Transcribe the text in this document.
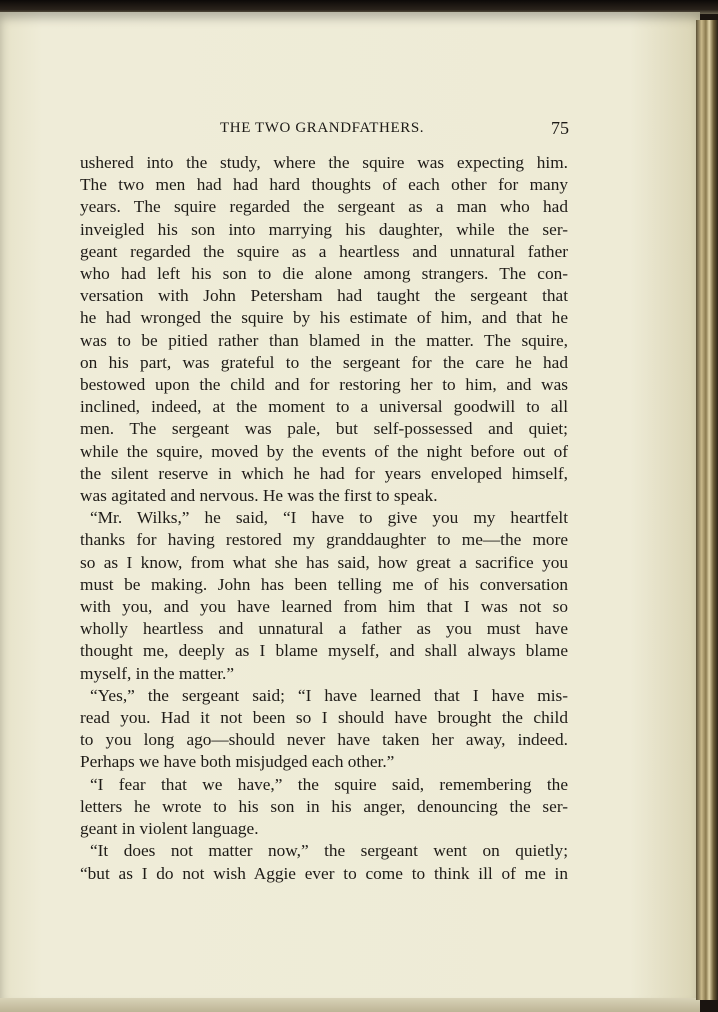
THE TWO GRANDFATHERS.	75
ushered into the study, where the squire was expecting him.
The two men had had hard thoughts of each other for many
years. The squire regarded the sergeant as a man who had
inveigled his son into marrying his daughter, while the ser-
geant regarded the squire as a heartless and unnatural father
who had left his son to die alone among strangers. The con-
versation with John Petersham had taught the sergeant that
he had wronged the squire by his estimate of him, and that he
was to be pitied rather than blamed in the matter. The squire,
on his part, was grateful to the sergeant for the care he had
bestowed upon the child and for restoring her to him, and was
inclined, indeed, at the moment to a universal goodwill to all
men. The sergeant was pale, but self-possessed and quiet;
while the squire, moved by the events of the night before out of
the silent reserve in which he had for years enveloped himself,
was agitated and nervous. He was the first to speak.
“Mr. Wilks,” he said, “I have to give you my heartfelt
thanks for having restored my granddaughter to me—the more
so as I know, from what she has said, how great a sacrifice you
must be making. John has been telling me of his conversation
with you, and you have learned from him that I was not so
wholly heartless and unnatural a father as you must have
thought me, deeply as I blame myself, and shall always blame
myself, in the matter.”
“Yes,” the sergeant said; “I have learned that I have mis-
read you. Had it not been so I should have brought the child
to you long ago—should never have taken her away, indeed.
Perhaps we have both misjudged each other.”
“I fear that we have,” the squire said, remembering the
letters he wrote to his son in his anger, denouncing the ser-
geant in violent language.
“It does not matter now,” the sergeant went on quietly;
“but as I do not wish Aggie ever to come to think ill of me in
